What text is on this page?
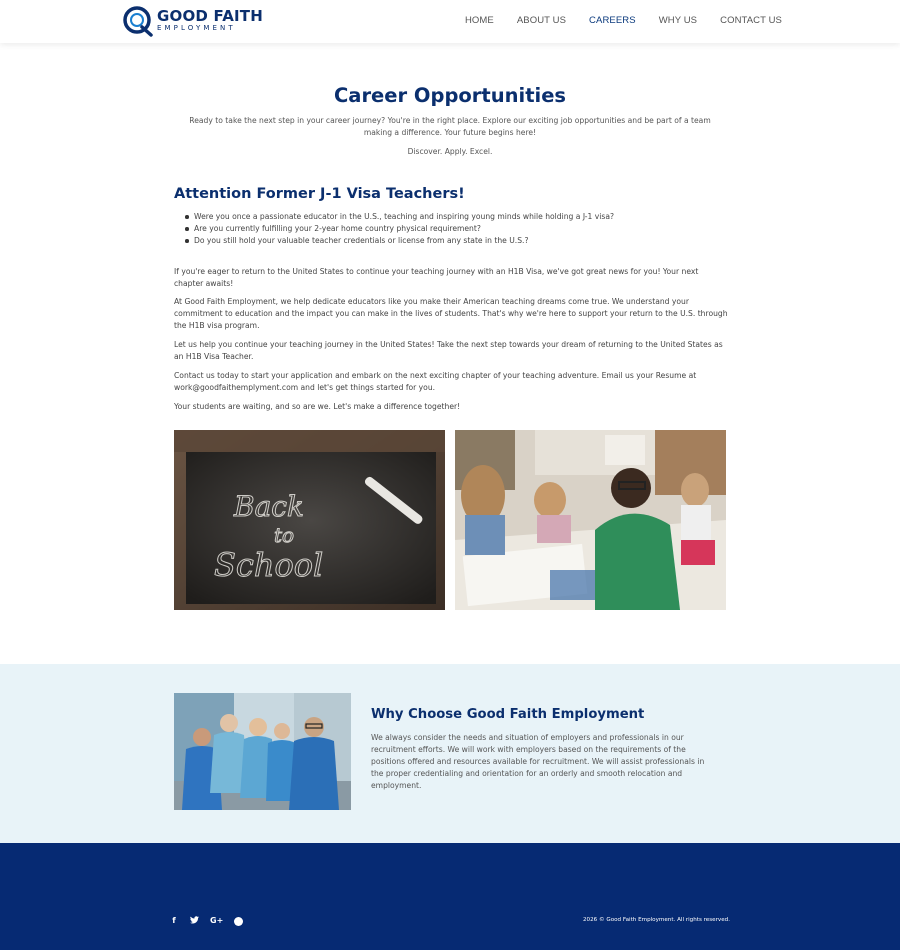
GOOD FAITH
EMPLOYMENT
HOME ABOUT US CAREERS WHY US CONTACT US
Career Opportunities

Ready to take the next step in your career journey? You're in the right place. Explore our exciting job opportunities and be part of a team making a difference. Your future begins here!

Discover. Apply. Excel.

Attention Former J-1 Visa Teachers!
Were you once a passionate educator in the U.S., teaching and inspiring young minds while holding a J-1 visa?
Are you currently fulfilling your 2-year home country physical requirement?
Do you still hold your valuable teacher credentials or license from any state in the U.S.?

If you're eager to return to the United States to continue your teaching journey with an H1B Visa, we've got great news for you! Your next chapter awaits!

At Good Faith Employment, we help dedicate educators like you make their American teaching dreams come true. We understand your commitment to education and the impact you can make in the lives of students. That's why we're here to support your return to the U.S. through the H1B visa program.

Let us help you continue your teaching journey in the United States! Take the next step towards your dream of returning to the United States as an H1B Visa Teacher.

Contact us today to start your application and embark on the next exciting chapter of your teaching adventure. Email us your Resume at work@goodfaithemplyment.com and let's get things started for you.

Your students are waiting, and so are we. Let's make a difference together!

Back
to
School
Why Choose Good Faith Employment

We always consider the needs and situation of employers and professionals in our recruitment efforts. We will work with employers based on the requirements of the positions offered and resources available for recruitment. We will assist professionals in the proper credentialing and orientation for an orderly and smooth relocation and employment.

f	G+	2026 © Good Faith Employment. All rights reserved.
